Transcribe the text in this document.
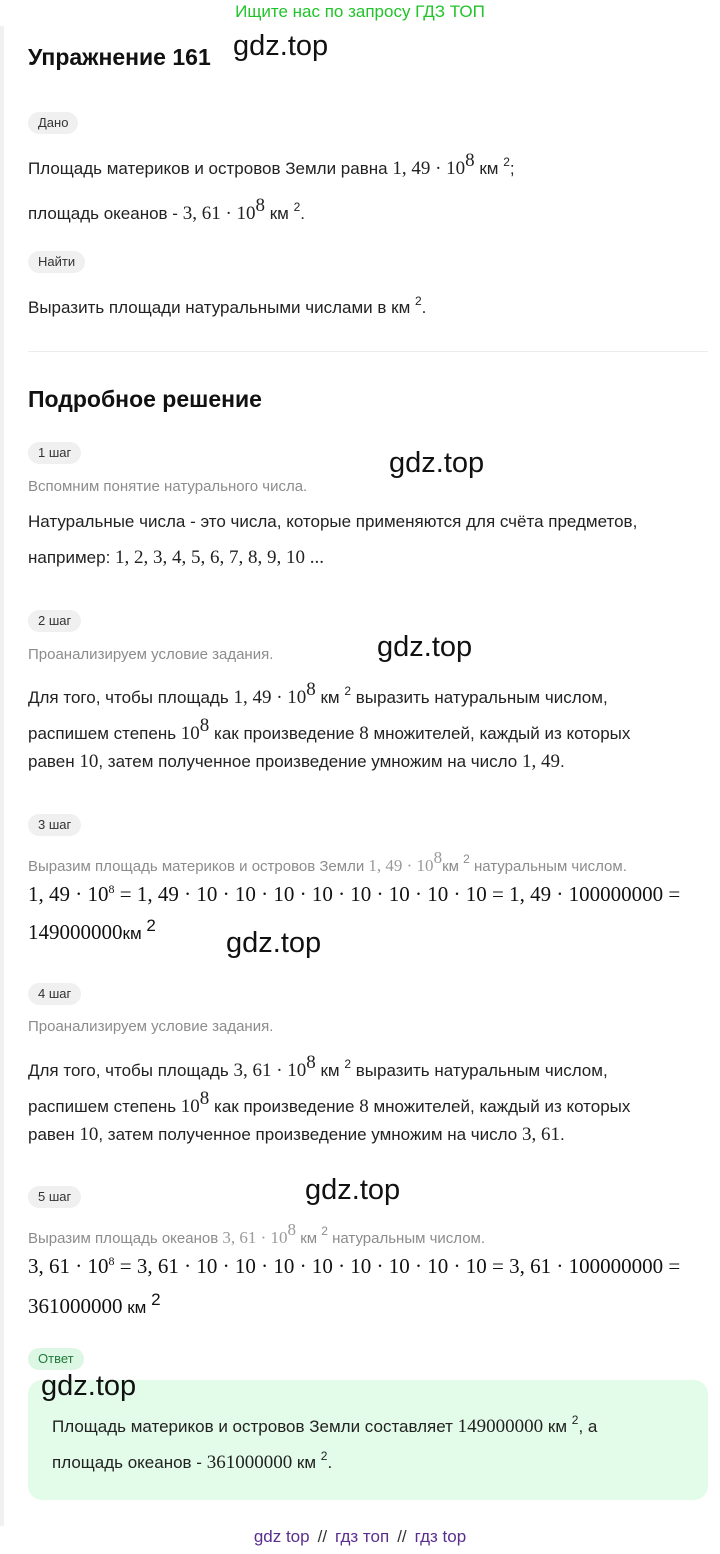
Ищите нас по запросу ГДЗ ТОП
Упражнение 161
Дано
Площадь материков и островов Земли равна 1, $49 \cdot 10^8$ км $^2$;
площадь океанов - 3, $61 \cdot 10^8$ км $^2$.
Найти
Выразить площади натуральными числами в км $^2$.
Подробное решение
1 шаг
Вспомним понятие натурального числа.
Натуральные числа - это числа, которые применяются для счёта предметов,
например: 1, 2, 3, 4, 5, 6, 7, 8, 9, 10 ...
2 шаг
Проанализируем условие задания.
Для того, чтобы площадь 1, $49 \cdot 10^8$ км $^2$ выразить натуральным числом,
распишем степень $10^8$ как произведение 8 множителей, каждый из которых
равен 10, затем полученное произведение умножим на число 1, 49.
3 шаг
Выразим площадь материков и островов Земли 1, $49 \cdot 10^8км$ $^2$ натуральным числом.
1, $49 \cdot 10^8 = 1$, 49 · 10 · 10 · 10 · 10 · 10 · 10 · 10 · 10 = 1, 49 · 100000000 =
149000000км $^2$
4 шаг
Проанализируем условие задания.
Для того, чтобы площадь 3, $61 \cdot 10^8$ км $^2$ выразить натуральным числом,
распишем степень $10^8$ как произведение 8 множителей, каждый из которых
равен 10, затем полученное произведение умножим на число 3, 61.
5 шаг
Выразим площадь океанов 3, $61 \cdot 10^8$ км $^2$ натуральным числом.
3, $61 \cdot 10^8 = 3$, 61 · 10 · 10 · 10 · 10 · 10 · 10 · 10 · 10 = 3, 61 · 100000000 =
361000000 км $^2$
Ответ
Площадь материков и островов Земли составляет 149000000 км $^2$, а
площадь океанов - 361000000 км $^2$.
gdz.top
gdz.top
gdz.top
gdz.top
gdz.top
gdz.top
gdz top // гдз топ // гдз top
